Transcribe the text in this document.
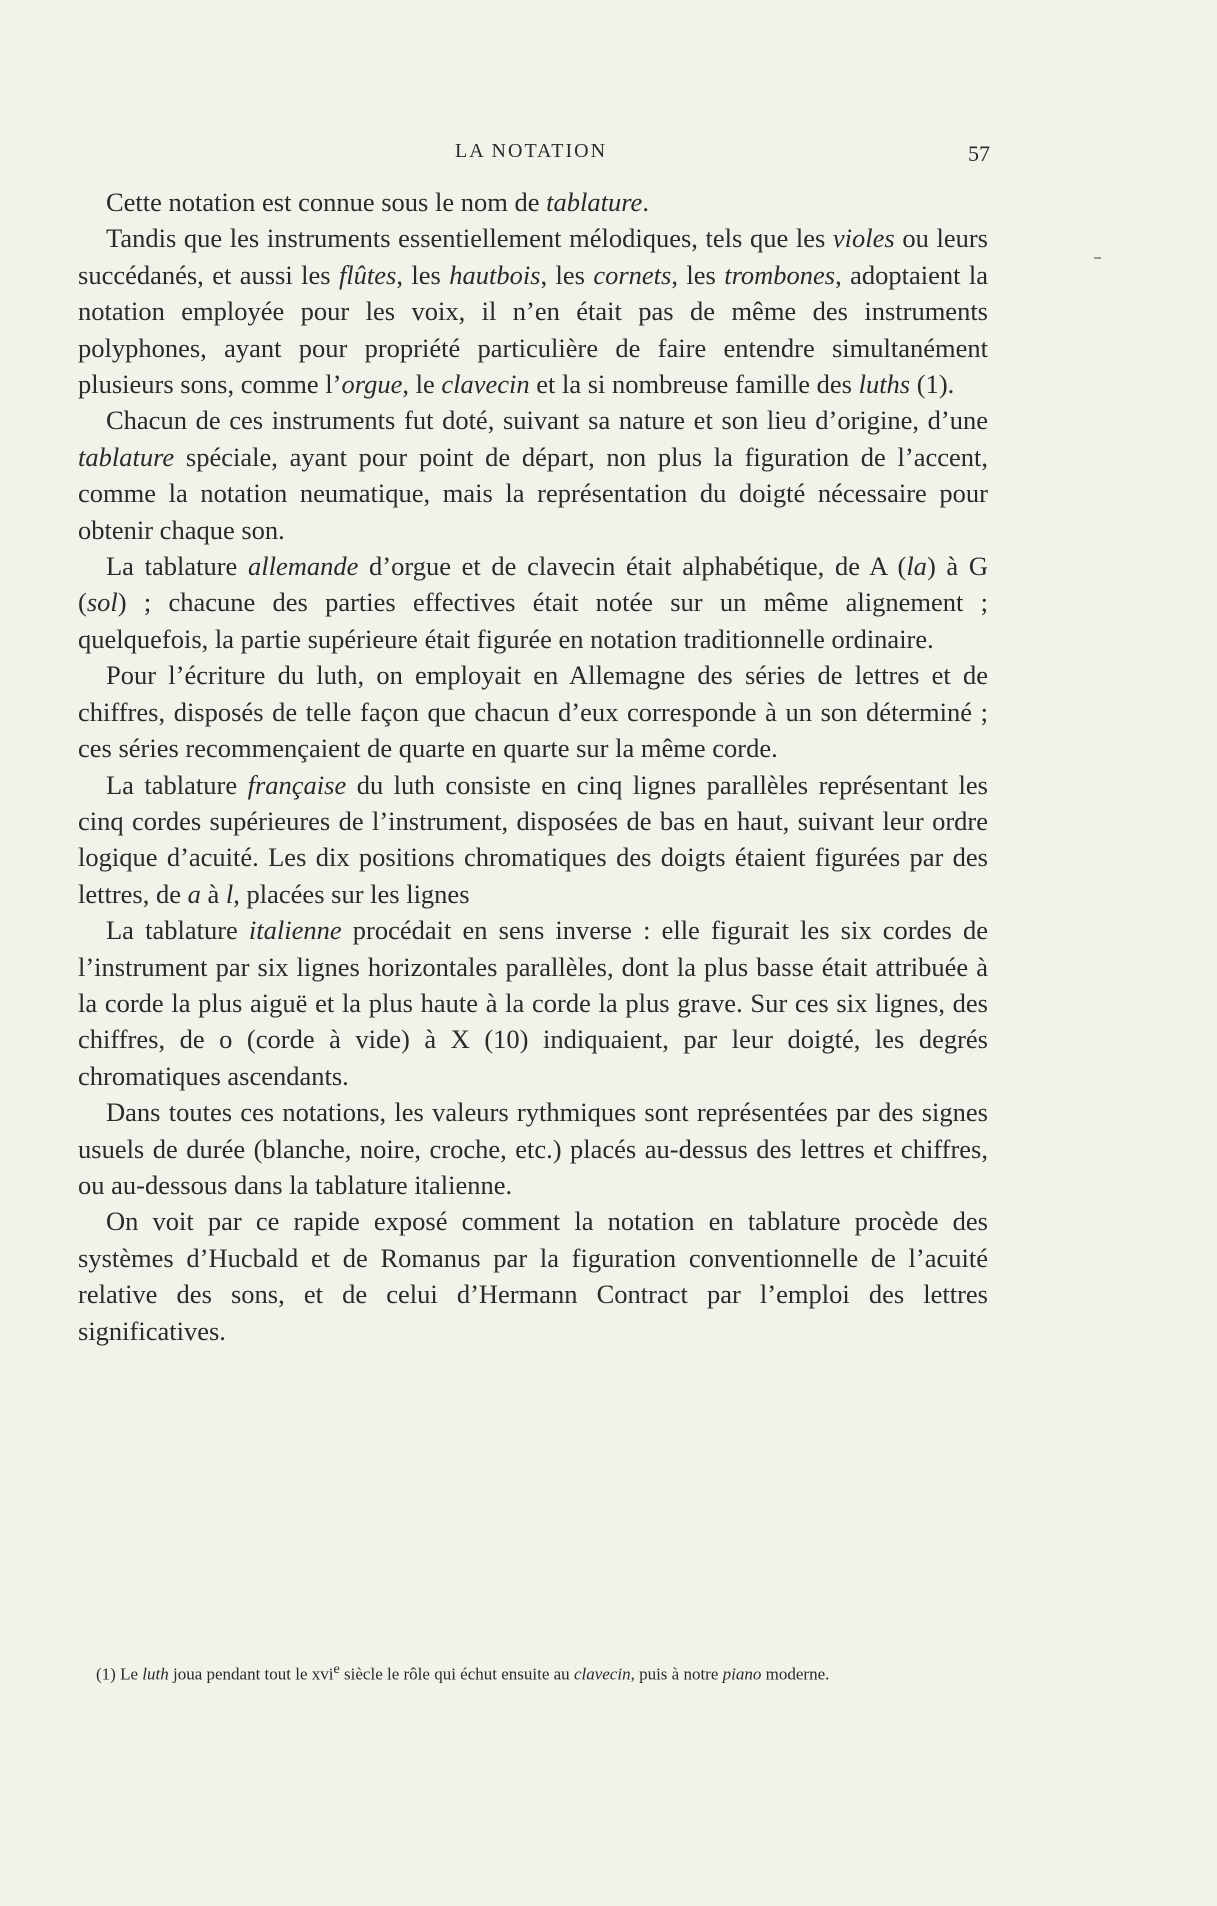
LA NOTATION	57

Cette notation est connue sous le nom de tablature.

Tandis que les instruments essentiellement mélodiques, tels que les violes ou leurs succédanés, et aussi les flûtes, les hautbois, les cornets, les trombones, adoptaient la notation employée pour les voix, il n’en était pas de même des instruments polyphones, ayant pour propriété particulière de faire entendre simultanément plusieurs sons, comme l’orgue, le clavecin et la si nombreuse famille des luths (1).

Chacun de ces instruments fut doté, suivant sa nature et son lieu d’origine, d’une tablature spéciale, ayant pour point de départ, non plus la figuration de l’accent, comme la notation neumatique, mais la représentation du doigté nécessaire pour obtenir chaque son.

La tablature allemande d’orgue et de clavecin était alphabétique, de A (la) à G (sol) ; chacune des parties effectives était notée sur un même alignement ; quelquefois, la partie supérieure était figurée en notation traditionnelle ordinaire.

Pour l’écriture du luth, on employait en Allemagne des séries de lettres et de chiffres, disposés de telle façon que chacun d’eux corresponde à un son déterminé ; ces séries recommençaient de quarte en quarte sur la même corde.

La tablature française du luth consiste en cinq lignes parallèles représentant les cinq cordes supérieures de l’instrument, disposées de bas en haut, suivant leur ordre logique d’acuité. Les dix positions chromatiques des doigts étaient figurées par des lettres, de a à l, placées sur les lignes

La tablature italienne procédait en sens inverse : elle figurait les six cordes de l’instrument par six lignes horizontales parallèles, dont la plus basse était attribuée à la corde la plus aiguë et la plus haute à la corde la plus grave. Sur ces six lignes, des chiffres, de o (corde à vide) à X (10) indiquaient, par leur doigté, les degrés chromatiques ascendants.

Dans toutes ces notations, les valeurs rythmiques sont représentées par des signes usuels de durée (blanche, noire, croche, etc.) placés au-dessus des lettres et chiffres, ou au-dessous dans la tablature italienne.

On voit par ce rapide exposé comment la notation en tablature procède des systèmes d’Hucbald et de Romanus par la figuration conventionnelle de l’acuité relative des sons, et de celui d’Hermann Contract par l’emploi des lettres significatives.

(1) Le luth joua pendant tout le xvi$^e$ siècle le rôle qui échut ensuite au clavecin, puis à notre piano moderne.
